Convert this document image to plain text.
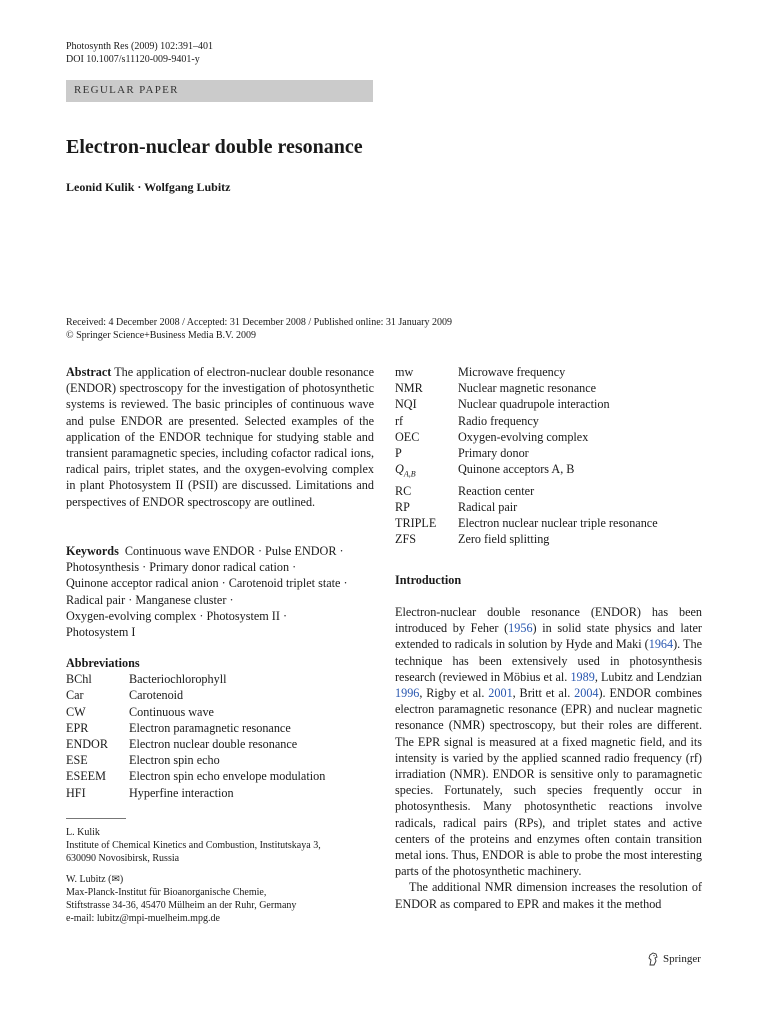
Photosynth Res (2009) 102:391–401
DOI 10.1007/s11120-009-9401-y
REGULAR PAPER
Electron-nuclear double resonance
Leonid Kulik · Wolfgang Lubitz
Received: 4 December 2008 / Accepted: 31 December 2008 / Published online: 31 January 2009
© Springer Science+Business Media B.V. 2009
Abstract The application of electron-nuclear double resonance (ENDOR) spectroscopy for the investigation of photosynthetic systems is reviewed. The basic principles of continuous wave and pulse ENDOR are presented. Selected examples of the application of the ENDOR technique for studying stable and transient paramagnetic species, including cofactor radical ions, radical pairs, triplet states, and the oxygen-evolving complex in plant Photosystem II (PSII) are discussed. Limitations and perspectives of ENDOR spectroscopy are outlined.
Keywords Continuous wave ENDOR · Pulse ENDOR ·
Photosynthesis · Primary donor radical cation ·
Quinone acceptor radical anion · Carotenoid triplet state ·
Radical pair · Manganese cluster ·
Oxygen-evolving complex · Photosystem II ·
Photosystem I
Abbreviations
BChl	Bacteriochlorophyll
Car	Carotenoid
CW	Continuous wave
EPR	Electron paramagnetic resonance
ENDOR	Electron nuclear double resonance
ESE	Electron spin echo
ESEEM	Electron spin echo envelope modulation
HFI	Hyperfine interaction
mw	Microwave frequency
NMR	Nuclear magnetic resonance
NQI	Nuclear quadrupole interaction
rf	Radio frequency
OEC	Oxygen-evolving complex
P	Primary donor
$Q_{A,B}$	Quinone acceptors A, B
RC	Reaction center
RP	Radical pair
TRIPLE	Electron nuclear nuclear triple resonance
ZFS	Zero field splitting
L. Kulik
Institute of Chemical Kinetics and Combustion, Institutskaya 3,
630090 Novosibirsk, Russia
W. Lubitz (✉)
Max-Planck-Institut für Bioanorganische Chemie,
Stiftstrasse 34-36, 45470 Mülheim an der Ruhr, Germany
e-mail: lubitz@mpi-muelheim.mpg.de
Introduction

Electron-nuclear double resonance (ENDOR) has been introduced by Feher (1956) in solid state physics and later extended to radicals in solution by Hyde and Maki (1964). The technique has been extensively used in photosynthesis research (reviewed in Möbius et al. 1989, Lubitz and Lendzian 1996, Rigby et al. 2001, Britt et al. 2004). ENDOR combines electron paramagnetic resonance (EPR) and nuclear magnetic resonance (NMR) spectroscopy, but their roles are different. The EPR signal is measured at a fixed magnetic field, and its intensity is varied by the applied scanned radio frequency (rf) irradiation (NMR). ENDOR is sensitive only to paramagnetic species. Fortunately, such species frequently occur in photosynthesis. Many photosynthetic reactions involve radicals, radical pairs (RPs), and triplet states and active centers of the proteins and enzymes often contain transition metal ions. Thus, ENDOR is able to probe the most interesting parts of the photosynthetic machinery.

The additional NMR dimension increases the resolution of ENDOR as compared to EPR and makes it the method

Springer
